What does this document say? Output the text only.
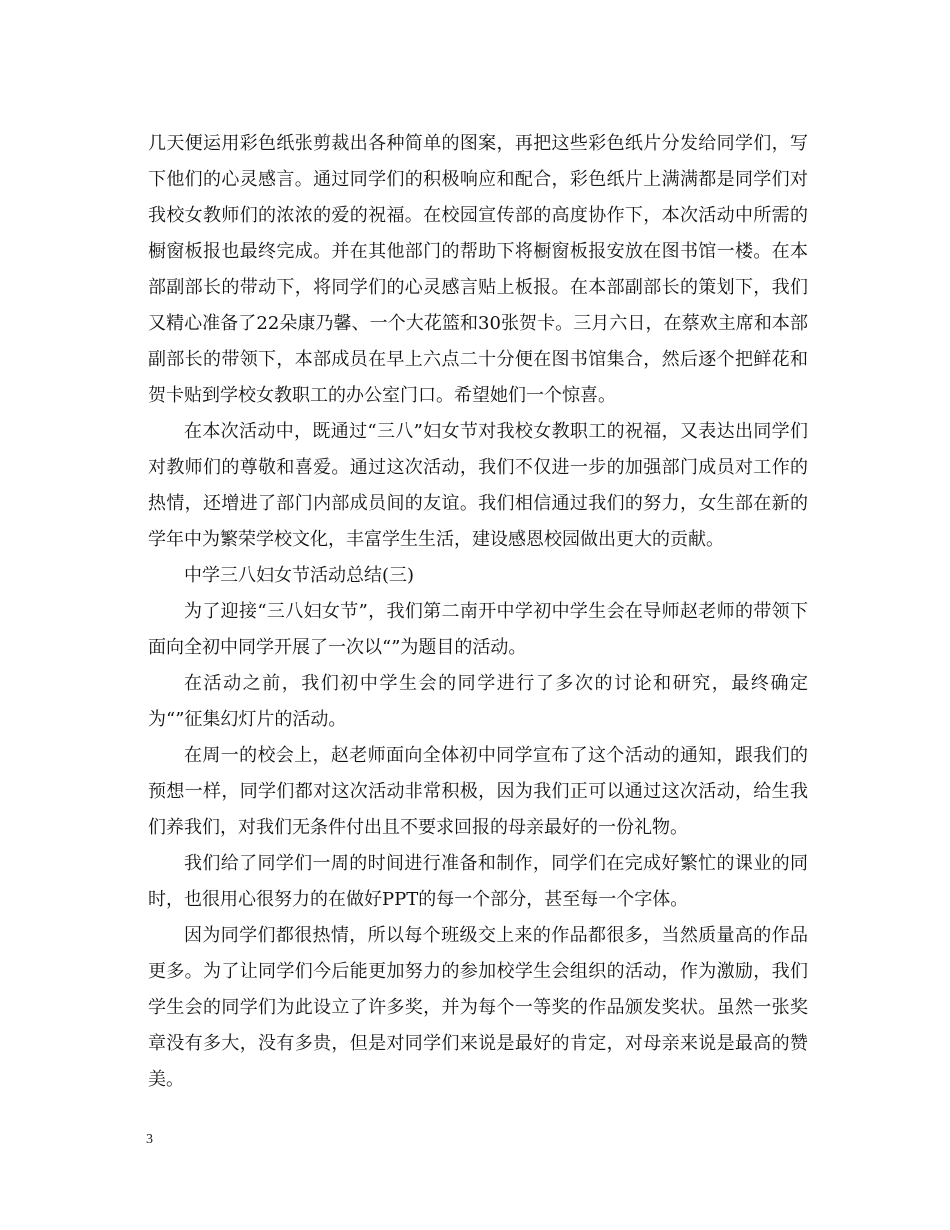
几天便运用彩色纸张剪裁出各种简单的图案，再把这些彩色纸片分发给同学们，写下他们的心灵感言。通过同学们的积极响应和配合，彩色纸片上满满都是同学们对我校女教师们的浓浓的爱的祝福。在校园宣传部的高度协作下，本次活动中所需的橱窗板报也最终完成。并在其他部门的帮助下将橱窗板报安放在图书馆一楼。在本部副部长的带动下，将同学们的心灵感言贴上板报。在本部副部长的策划下，我们又精心准备了22朵康乃馨、一个大花篮和30张贺卡。三月六日，在蔡欢主席和本部副部长的带领下，本部成员在早上六点二十分便在图书馆集合，然后逐个把鲜花和贺卡贴到学校女教职工的办公室门口。希望她们一个惊喜。

在本次活动中，既通过“三八”妇女节对我校女教职工的祝福，又表达出同学们对教师们的尊敬和喜爱。通过这次活动，我们不仅进一步的加强部门成员对工作的热情，还增进了部门内部成员间的友谊。我们相信通过我们的努力，女生部在新的学年中为繁荣学校文化，丰富学生生活，建设感恩校园做出更大的贡献。

中学三八妇女节活动总结(三)

为了迎接“三八妇女节”，我们第二南开中学初中学生会在导师赵老师的带领下面向全初中同学开展了一次以“”为题目的活动。

在活动之前，我们初中学生会的同学进行了多次的讨论和研究，最终确定为“”征集幻灯片的活动。

在周一的校会上，赵老师面向全体初中同学宣布了这个活动的通知，跟我们的预想一样，同学们都对这次活动非常积极，因为我们正可以通过这次活动，给生我们养我们，对我们无条件付出且不要求回报的母亲最好的一份礼物。

我们给了同学们一周的时间进行准备和制作，同学们在完成好繁忙的课业的同时，也很用心很努力的在做好PPT的每一个部分，甚至每一个字体。

因为同学们都很热情，所以每个班级交上来的作品都很多，当然质量高的作品更多。为了让同学们今后能更加努力的参加校学生会组织的活动，作为激励，我们学生会的同学们为此设立了许多奖，并为每个一等奖的作品颁发奖状。虽然一张奖章没有多大，没有多贵，但是对同学们来说是最好的肯定，对母亲来说是最高的赞美。

3
